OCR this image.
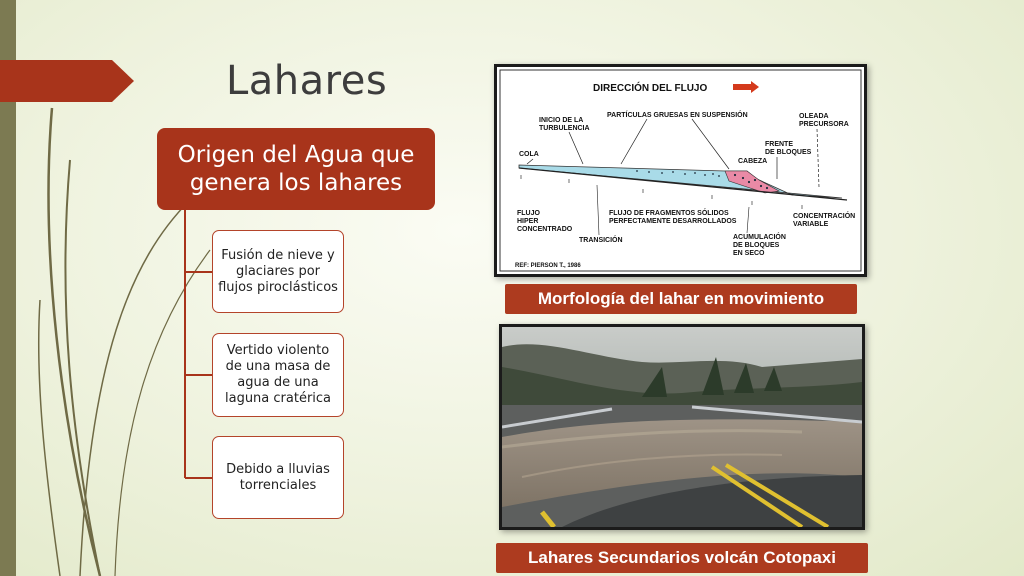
Lahares
Origen del Agua que genera los lahares
Fusión de nieve y glaciares por flujos piroclásticos
Vertido violento de una masa de agua de una laguna cratérica
Debido a lluvias torrenciales
DIRECCIÓN DEL FLUJO
PARTÍCULAS GRUESAS EN SUSPENSIÓN
INICIO DE LA
TURBULENCIA
OLEADA
PRECURSORA
FRENTE
DE BLOQUES
CABEZA
COLA
FLUJO
HIPER
CONCENTRADO
FLUJO DE FRAGMENTOS SÓLIDOS
PERFECTAMENTE DESARROLLADOS
CONCENTRACIÓN
VARIABLE
TRANSICIÓN	ACUMULACIÓN
DE BLOQUES
EN SECO
REF: PIERSON T., 1986
Morfología del lahar en movimiento
Lahares Secundarios volcán Cotopaxi
